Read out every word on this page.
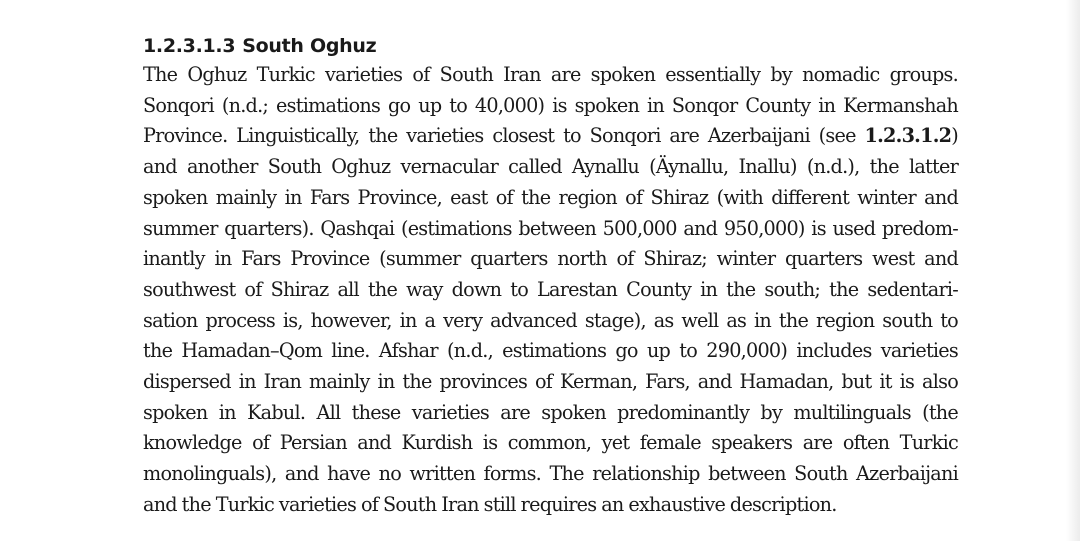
1.2.3.1.3 South Oghuz
The Oghuz Turkic varieties of South Iran are spoken essentially by nomadic groups.
Sonqori (n.d.; estimations go up to 40,000) is spoken in Sonqor County in Kermanshah
Province. Linguistically, the varieties closest to Sonqori are Azerbaijani (see 1.2.3.1.2)
and another South Oghuz vernacular called Aynallu (Äynallu, Inallu) (n.d.), the latter
spoken mainly in Fars Province, east of the region of Shiraz (with different winter and
summer quarters). Qashqai (estimations between 500,000 and 950,000) is used predom-
inantly in Fars Province (summer quarters north of Shiraz; winter quarters west and
southwest of Shiraz all the way down to Larestan County in the south; the sedentari-
sation process is, however, in a very advanced stage), as well as in the region south to
the Hamadan–Qom line. Afshar (n.d., estimations go up to 290,000) includes varieties
dispersed in Iran mainly in the provinces of Kerman, Fars, and Hamadan, but it is also
spoken in Kabul. All these varieties are spoken predominantly by multilinguals (the
knowledge of Persian and Kurdish is common, yet female speakers are often Turkic
monolinguals), and have no written forms. The relationship between South Azerbaijani
and the Turkic varieties of South Iran still requires an exhaustive description.
